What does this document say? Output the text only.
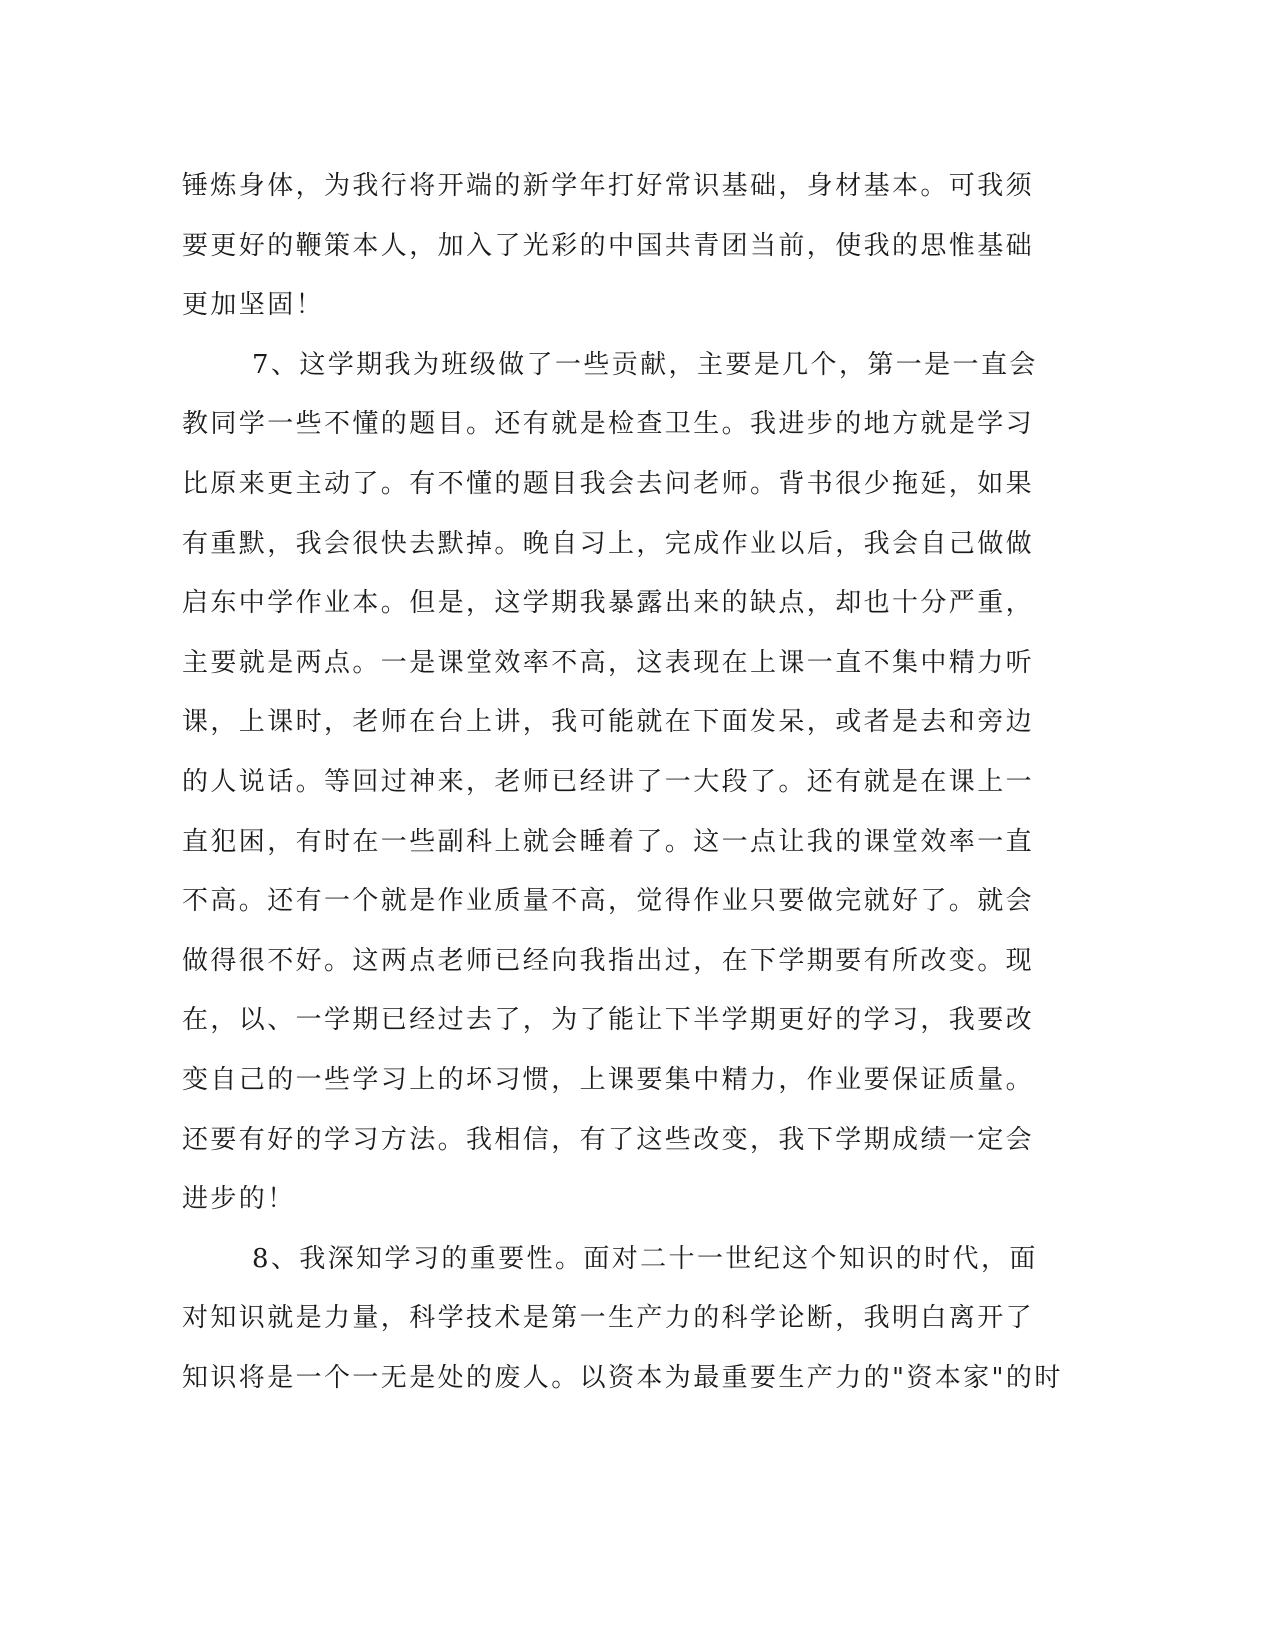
锤炼身体，为我行将开端的新学年打好常识基础，身材基本。可我须
要更好的鞭策本人，加入了光彩的中国共青团当前，使我的思惟基础
更加坚固！
7、这学期我为班级做了一些贡献，主要是几个，第一是一直会
教同学一些不懂的题目。还有就是检查卫生。我进步的地方就是学习
比原来更主动了。有不懂的题目我会去问老师。背书很少拖延，如果
有重默，我会很快去默掉。晚自习上，完成作业以后，我会自己做做
启东中学作业本。但是，这学期我暴露出来的缺点，却也十分严重，
主要就是两点。一是课堂效率不高，这表现在上课一直不集中精力听
课，上课时，老师在台上讲，我可能就在下面发呆，或者是去和旁边
的人说话。等回过神来，老师已经讲了一大段了。还有就是在课上一
直犯困，有时在一些副科上就会睡着了。这一点让我的课堂效率一直
不高。还有一个就是作业质量不高，觉得作业只要做完就好了。就会
做得很不好。这两点老师已经向我指出过，在下学期要有所改变。现
在，以、一学期已经过去了，为了能让下半学期更好的学习，我要改
变自己的一些学习上的坏习惯，上课要集中精力，作业要保证质量。
还要有好的学习方法。我相信，有了这些改变，我下学期成绩一定会
进步的！
8、我深知学习的重要性。面对二十一世纪这个知识的时代，面
对知识就是力量，科学技术是第一生产力的科学论断，我明白离开了
知识将是一个一无是处的废人。以资本为最重要生产力的"资本家"的时
